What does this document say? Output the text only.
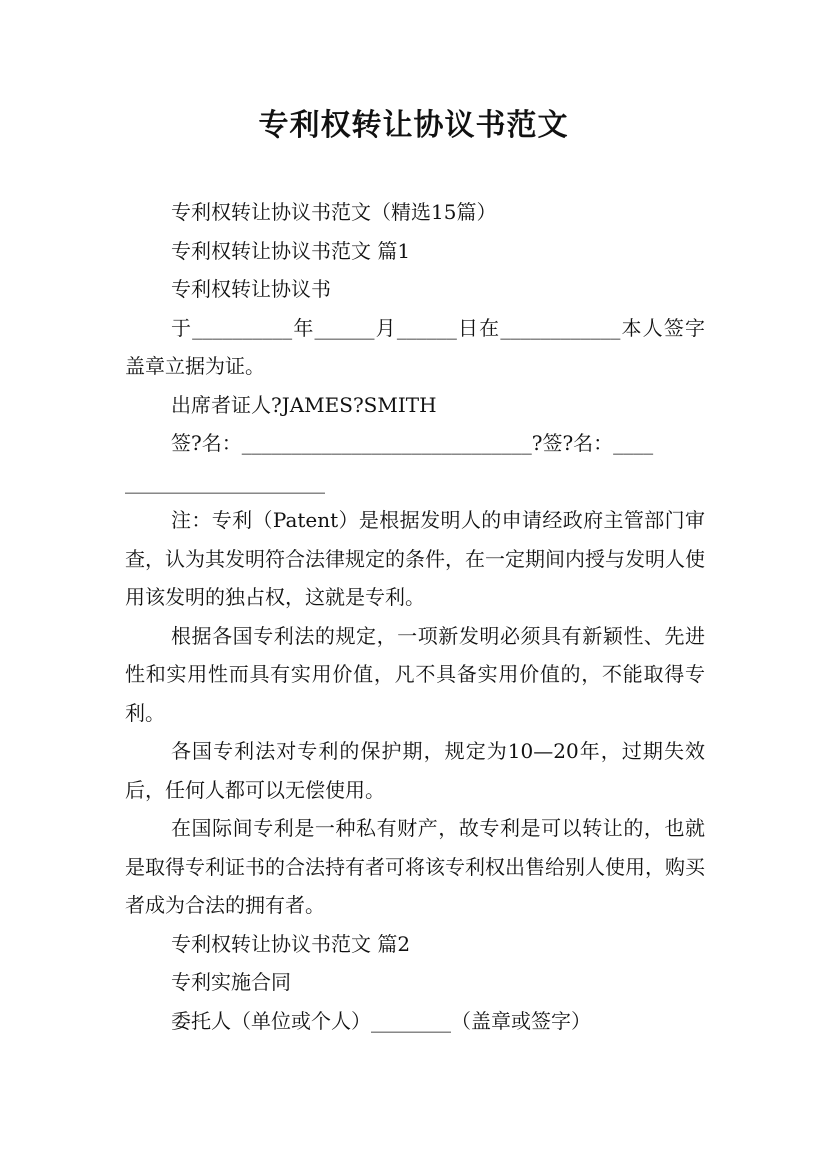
专利权转让协议书范文

专利权转让协议书范文（精选15篇）

专利权转让协议书范文 篇1

专利权转让协议书

于__________年______月______日在____________本人签字盖章立据为证。

出席者证人?JAMES?SMITH

签?名：_____________________________?签?名：____

____________________

注：专利（Patent）是根据发明人的申请经政府主管部门审查，认为其发明符合法律规定的条件，在一定期间内授与发明人使用该发明的独占权，这就是专利。

根据各国专利法的规定，一项新发明必须具有新颖性、先进性和实用性而具有实用价值，凡不具备实用价值的，不能取得专利。

各国专利法对专利的保护期，规定为10—20年，过期失效后，任何人都可以无偿使用。

在国际间专利是一种私有财产，故专利是可以转让的，也就是取得专利证书的合法持有者可将该专利权出售给别人使用，购买者成为合法的拥有者。

专利权转让协议书范文 篇2

专利实施合同

委托人（单位或个人）________（盖章或签字）
